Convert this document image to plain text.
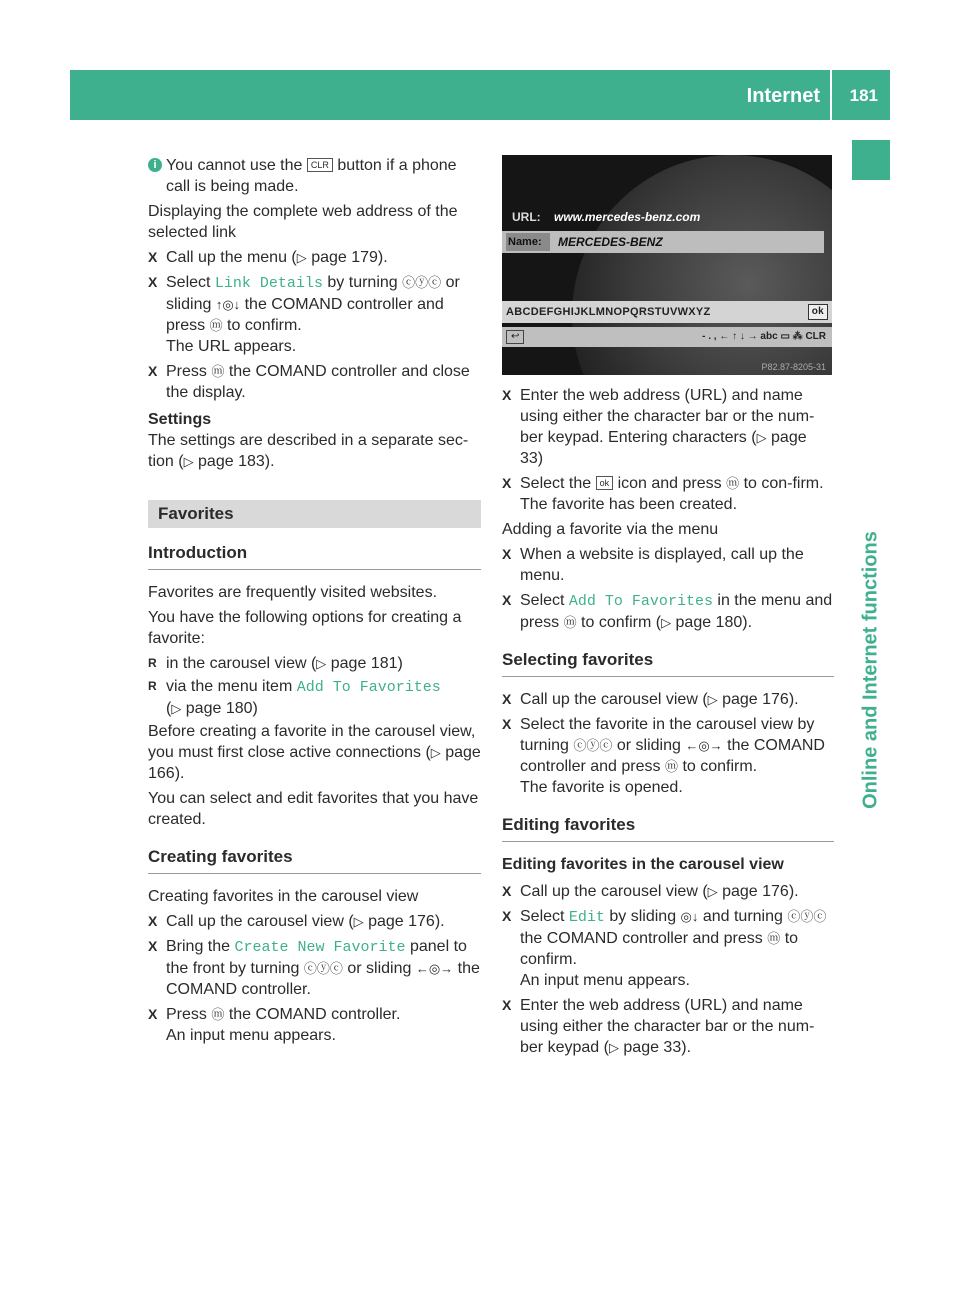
Internet 181
Online and Internet functions

i You cannot use the CLR button if a phone call is being made.

Displaying the complete web address of the selected link

X Call up the menu (▷ page 179).
X Select Link Details by turning ⓒⓨⓒ or sliding ↑◎↓ the COMAND controller and press ⓜ to confirm.
The URL appears.
X Press ⓜ the COMAND controller and close the display.
Settings

The settings are described in a separate sec-tion (▷ page 183).

Favorites
Introduction

Favorites are frequently visited websites.

You have the following options for creating a favorite:

R in the carousel view (▷ page 181)
R via the menu item Add To Favorites
(▷ page 180)

Before creating a favorite in the carousel view, you must first close active connections (▷ page 166).

You can select and edit favorites that you have created.

Creating favorites

Creating favorites in the carousel view

X Call up the carousel view (▷ page 176).
X Bring the Create New Favorite panel to the front by turning ⓒⓨⓒ or sliding ←◎→ the COMAND controller.
X Press ⓜ the COMAND controller.
An input menu appears.
URL: www.mercedes-benz.com
Name:	MERCEDES-BENZ
ABCDEFGHIJKLMNOPQRSTUVWXYZ	ok
↩	- . , ← ↑ ↓ → abc ▭ ⁂ CLR
P82.87-8205-31
X Enter the web address (URL) and name using either the character bar or the num-ber keypad. Entering characters (▷ page 33)
X Select the ok icon and press ⓜ to con-firm.
The favorite has been created.

Adding a favorite via the menu

X When a website is displayed, call up the menu.
X Select Add To Favorites in the menu and press ⓜ to confirm (▷ page 180).
Selecting favorites
X Call up the carousel view (▷ page 176).
X Select the favorite in the carousel view by turning ⓒⓨⓒ or sliding ←◎→ the COMAND controller and press ⓜ to confirm.
The favorite is opened.
Editing favorites
Editing favorites in the carousel view
X Call up the carousel view (▷ page 176).
X Select Edit by sliding ◎↓ and turning ⓒⓨⓒ the COMAND controller and press ⓜ to confirm.
An input menu appears.
X Enter the web address (URL) and name using either the character bar or the num-ber keypad (▷ page 33).
